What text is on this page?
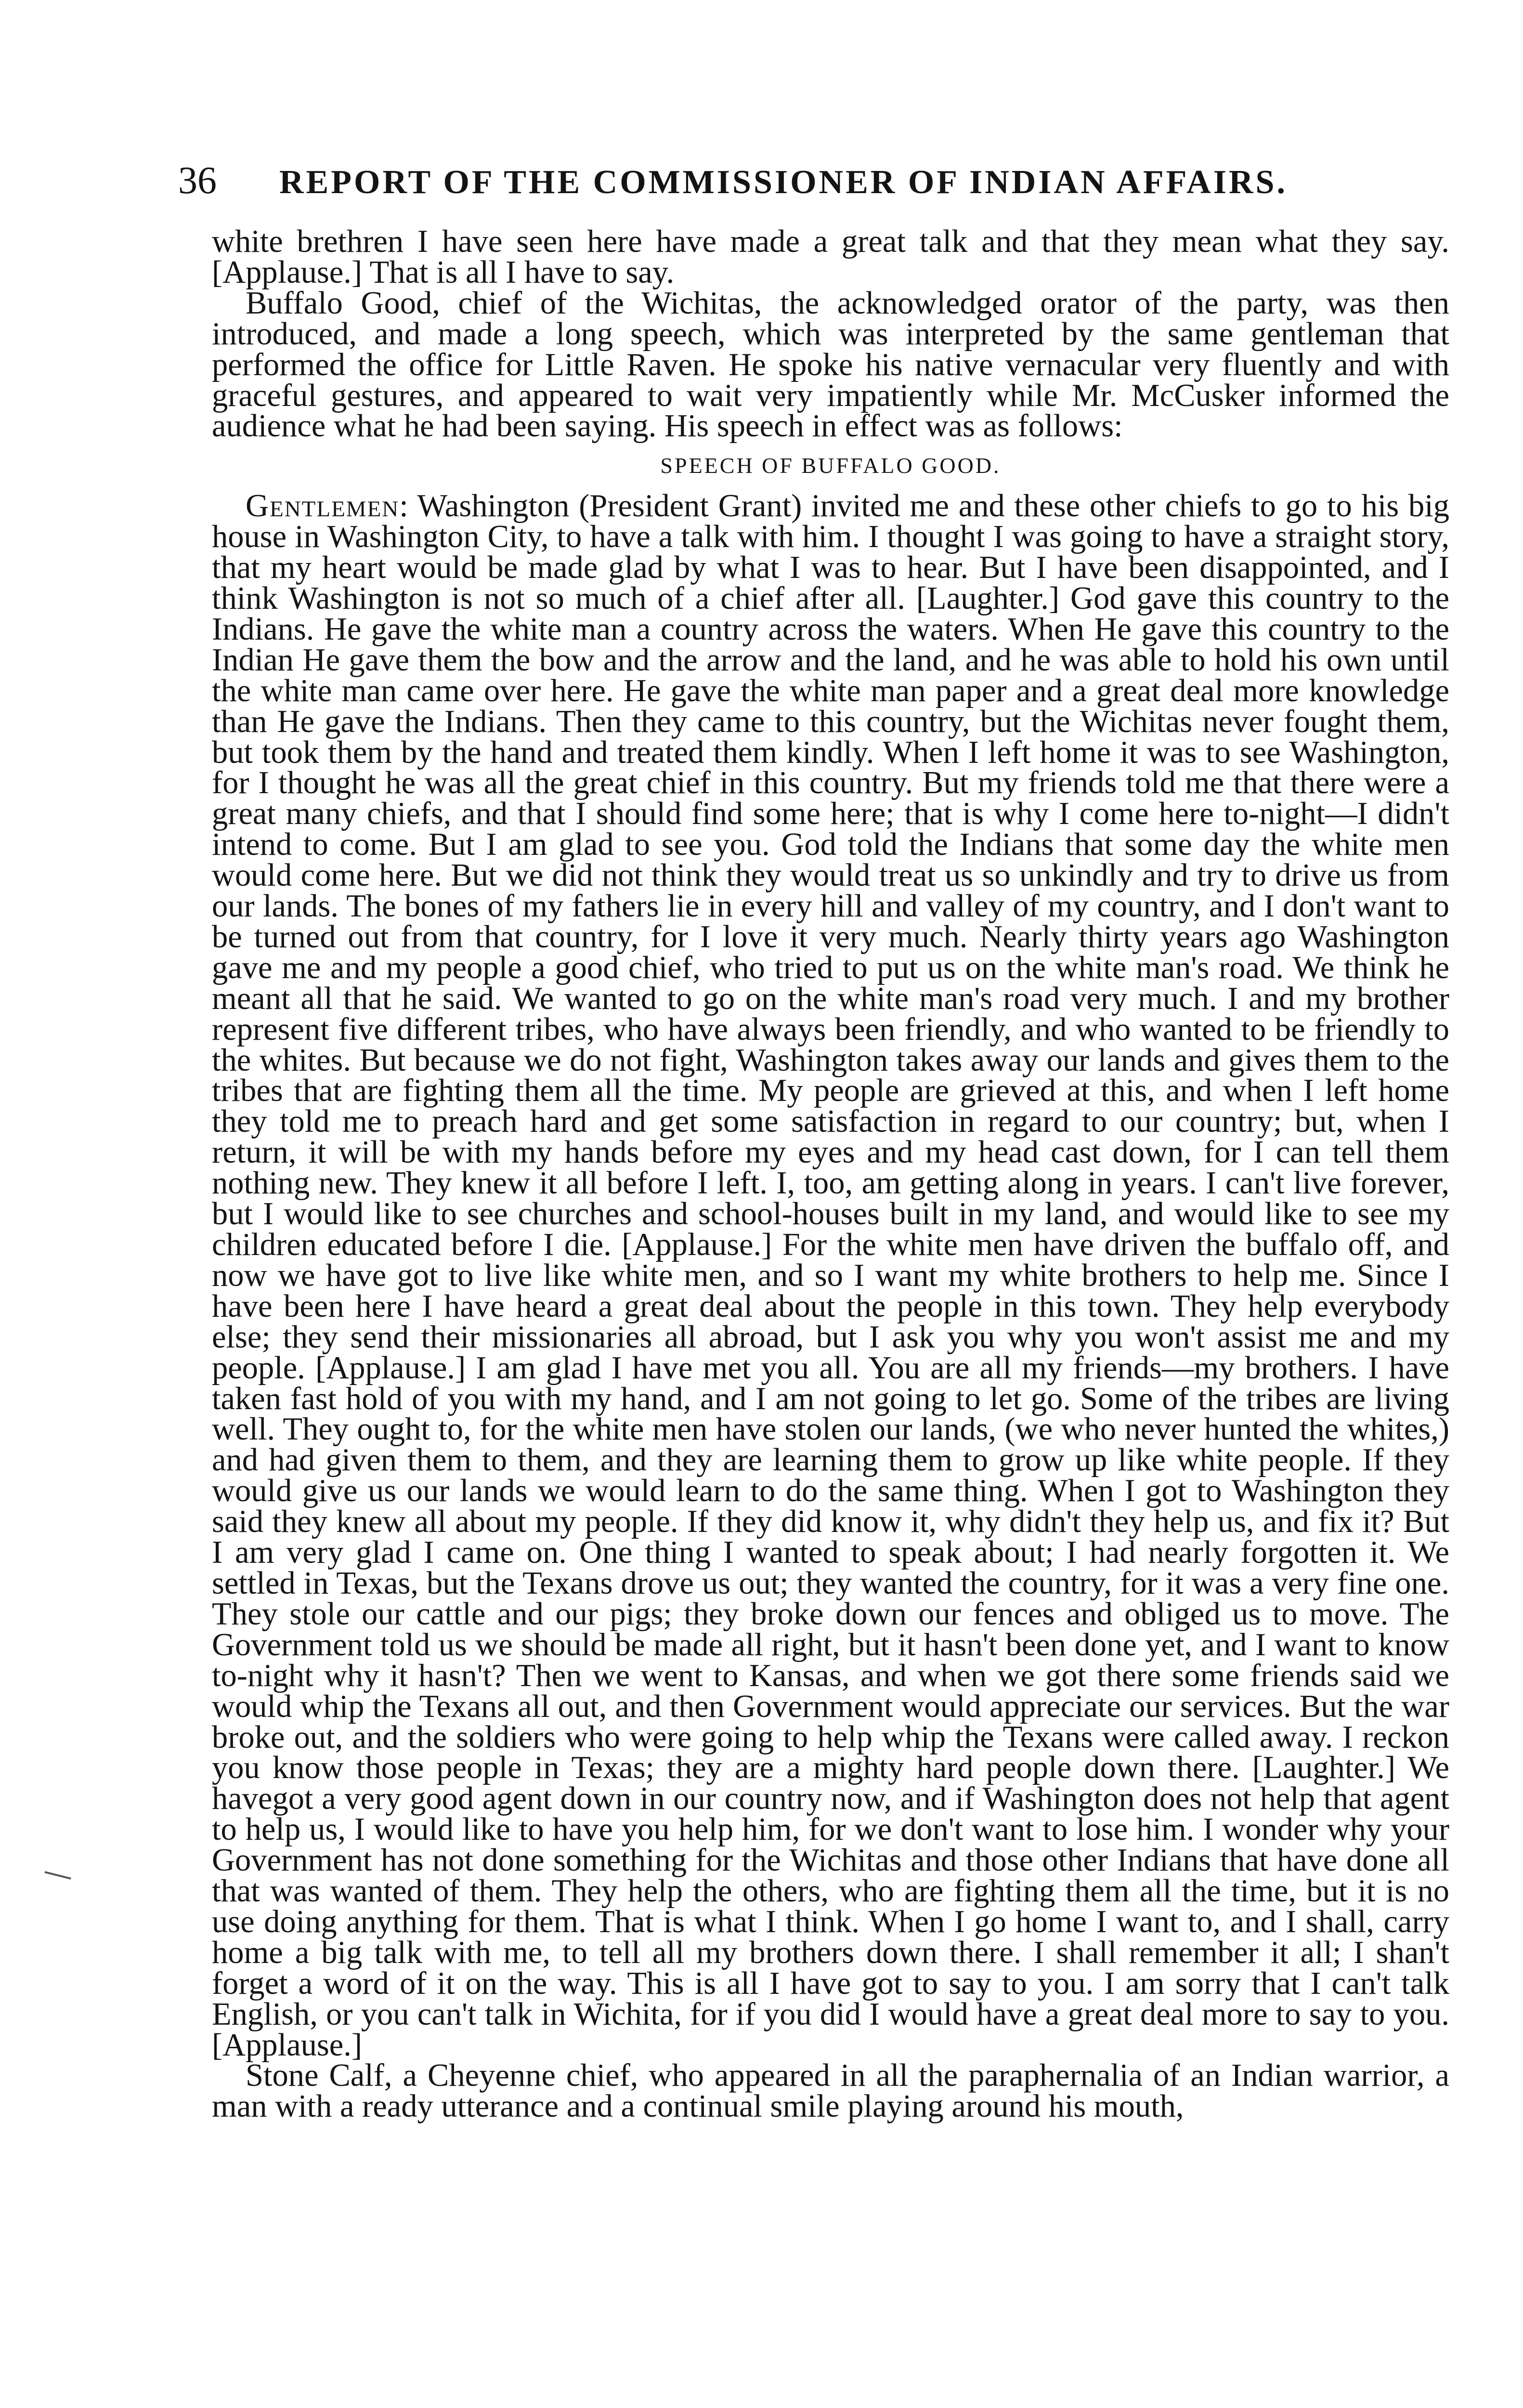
36 REPORT OF THE COMMISSIONER OF INDIAN AFFAIRS.

white brethren I have seen here have made a great talk and that they mean what they say. [Applause.] That is all I have to say.

Buffalo Good, chief of the Wichitas, the acknowledged orator of the party, was then introduced, and made a long speech, which was interpreted by the same gentleman that performed the office for Little Raven. He spoke his native vernacular very fluently and with graceful gestures, and appeared to wait very impatiently while Mr. McCusker informed the audience what he had been saying. His speech in effect was as follows:

SPEECH OF BUFFALO GOOD.

Gentlemen: Washington (President Grant) invited me and these other chiefs to go to his big house in Washington City, to have a talk with him. I thought I was going to have a straight story, that my heart would be made glad by what I was to hear. But I have been disappointed, and I think Washington is not so much of a chief after all. [Laughter.] God gave this country to the Indians. He gave the white man a country across the waters. When He gave this country to the Indian He gave them the bow and the arrow and the land, and he was able to hold his own until the white man came over here. He gave the white man paper and a great deal more knowledge than He gave the Indians. Then they came to this country, but the Wichitas never fought them, but took them by the hand and treated them kindly. When I left home it was to see Washington, for I thought he was all the great chief in this country. But my friends told me that there were a great many chiefs, and that I should find some here; that is why I come here to-night—I didn't intend to come. But I am glad to see you. God told the Indians that some day the white men would come here. But we did not think they would treat us so unkindly and try to drive us from our lands. The bones of my fathers lie in every hill and valley of my country, and I don't want to be turned out from that country, for I love it very much. Nearly thirty years ago Washington gave me and my people a good chief, who tried to put us on the white man's road. We think he meant all that he said. We wanted to go on the white man's road very much. I and my brother represent five different tribes, who have always been friendly, and who wanted to be friendly to the whites. But because we do not fight, Washington takes away our lands and gives them to the tribes that are fighting them all the time. My people are grieved at this, and when I left home they told me to preach hard and get some satisfaction in regard to our country; but, when I return, it will be with my hands before my eyes and my head cast down, for I can tell them nothing new. They knew it all before I left. I, too, am getting along in years. I can't live forever, but I would like to see churches and school-houses built in my land, and would like to see my children educated before I die. [Applause.] For the white men have driven the buffalo off, and now we have got to live like white men, and so I want my white brothers to help me. Since I have been here I have heard a great deal about the people in this town. They help everybody else; they send their missionaries all abroad, but I ask you why you won't assist me and my people. [Applause.] I am glad I have met you all. You are all my friends—my brothers. I have taken fast hold of you with my hand, and I am not going to let go. Some of the tribes are living well. They ought to, for the white men have stolen our lands, (we who never hunted the whites,) and had given them to them, and they are learning them to grow up like white people. If they would give us our lands we would learn to do the same thing. When I got to Washington they said they knew all about my people. If they did know it, why didn't they help us, and fix it? But I am very glad I came on. One thing I wanted to speak about; I had nearly forgotten it. We settled in Texas, but the Texans drove us out; they wanted the country, for it was a very fine one. They stole our cattle and our pigs; they broke down our fences and obliged us to move. The Government told us we should be made all right, but it hasn't been done yet, and I want to know to-night why it hasn't? Then we went to Kansas, and when we got there some friends said we would whip the Texans all out, and then Government would appreciate our services. But the war broke out, and the soldiers who were going to help whip the Texans were called away. I reckon you know those people in Texas; they are a mighty hard people down there. [Laughter.] We havegot a very good agent down in our country now, and if Washington does not help that agent to help us, I would like to have you help him, for we don't want to lose him. I wonder why your Government has not done something for the Wichitas and those other Indians that have done all that was wanted of them. They help the others, who are fighting them all the time, but it is no use doing anything for them. That is what I think. When I go home I want to, and I shall, carry home a big talk with me, to tell all my brothers down there. I shall remember it all; I shan't forget a word of it on the way. This is all I have got to say to you. I am sorry that I can't talk English, or you can't talk in Wichita, for if you did I would have a great deal more to say to you. [Applause.]

Stone Calf, a Cheyenne chief, who appeared in all the paraphernalia of an Indian warrior, a man with a ready utterance and a continual smile playing around his mouth,
